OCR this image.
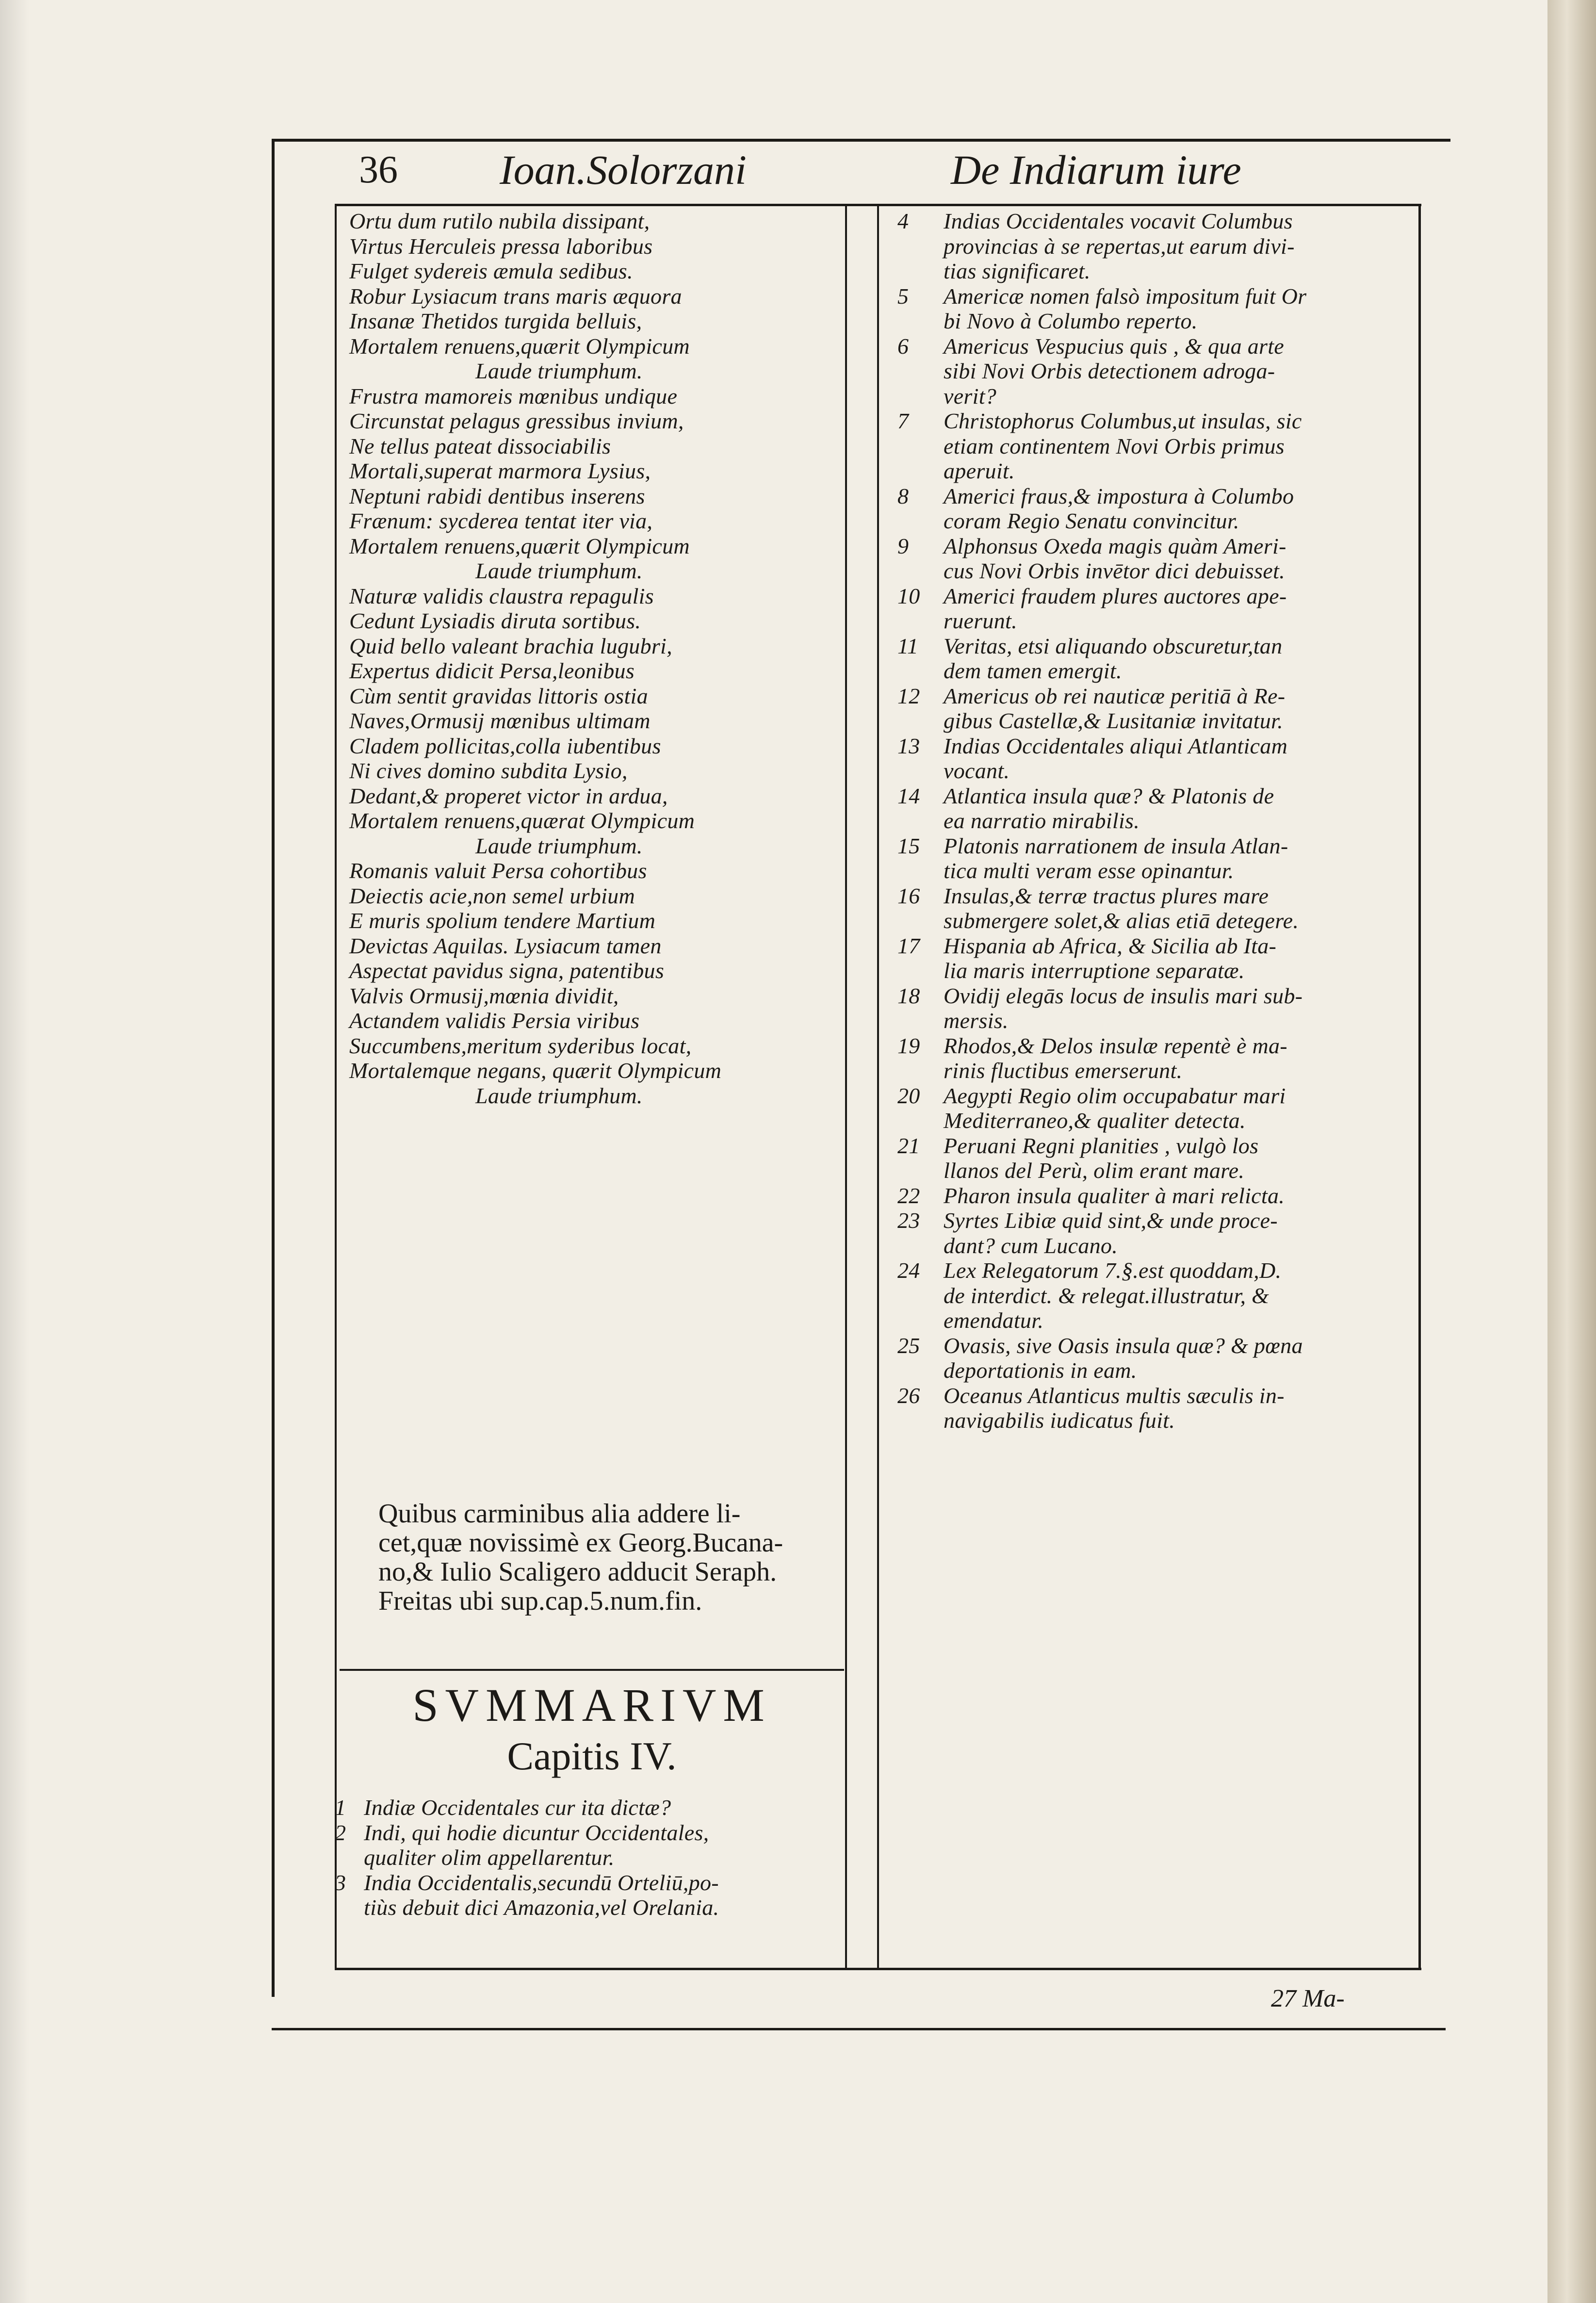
36 Ioan.Solorzani	De Indiarum iure
Ortu dum rutilo nubila dissipant,
Virtus Herculeis pressa laboribus
Fulget sydereis æmula sedibus.
Robur Lysiacum trans maris æquora
Insanæ Thetidos turgida belluis,
Mortalem renuens,quærit Olympicum
Laude triumphum.
Frustra mamoreis mœnibus undique
Circunstat pelagus gressibus invium,
Ne tellus pateat dissociabilis
Mortali,superat marmora Lysius,
Neptuni rabidi dentibus inserens
Frænum: sycderea tentat iter via,
Mortalem renuens,quærit Olympicum
Laude triumphum.
Naturæ validis claustra repagulis
Cedunt Lysiadis diruta sortibus.
Quid bello valeant brachia lugubri,
Expertus didicit Persa,leonibus
Cùm sentit gravidas littoris ostia
Naves,Ormusij mœnibus ultimam
Cladem pollicitas,colla iubentibus
Ni cives domino subdita Lysio,
Dedant,& properet victor in ardua,
Mortalem renuens,quærat Olympicum
Laude triumphum.
Romanis valuit Persa cohortibus
Deiectis acie,non semel urbium
E muris spolium tendere Martium
Devictas Aquilas. Lysiacum tamen
Aspectat pavidus signa, patentibus
Valvis Ormusij,mœnia dividit,
Actandem validis Persia viribus
Succumbens,meritum syderibus locat,
Mortalemque negans, quærit Olympicum
Laude triumphum.
Quibus carminibus alia addere li-
cet,quæ novissimè ex Georg.Bucana-
no,& Iulio Scaligero adducit Seraph.
Freitas ubi sup.cap.5.num.fin.
SVMMARIVM
Capitis IV.
1 Indiæ Occidentales cur ita dictæ?
2 Indi, qui hodie dicuntur Occidentales,
qualiter olim appellarentur.
3 India Occidentalis,secundū Orteliū,po-
tiùs debuit dici Amazonia,vel Orelania.
4	Indias Occidentales vocavit Columbus
provincias à se repertas,ut earum divi-
tias significaret.
5	Americæ nomen falsò impositum fuit Or
bi Novo à Columbo reperto.
6	Americus Vespucius quis , & qua arte
sibi Novi Orbis detectionem adroga-
verit?
7	Christophorus Columbus,ut insulas, sic
etiam continentem Novi Orbis primus
aperuit.
8	Americi fraus,& impostura à Columbo
coram Regio Senatu convincitur.
9	Alphonsus Oxeda magis quàm Ameri-
cus Novi Orbis invētor dici debuisset.
10	Americi fraudem plures auctores ape-
ruerunt.
11	Veritas, etsi aliquando obscuretur,tan
dem tamen emergit.
12	Americus ob rei nauticæ peritiā à Re-
gibus Castellæ,& Lusitaniæ invitatur.
13	Indias Occidentales aliqui Atlanticam
vocant.
14	Atlantica insula quæ? & Platonis de
ea narratio mirabilis.
15	Platonis narrationem de insula Atlan-
tica multi veram esse opinantur.
16	Insulas,& terræ tractus plures mare
submergere solet,& alias etiā detegere.
17	Hispania ab Africa, & Sicilia ab Ita-
lia maris interruptione separatæ.
18	Ovidij elegās locus de insulis mari sub-
mersis.
19	Rhodos,& Delos insulæ repentè è ma-
rinis fluctibus emerserunt.
20	Aegypti Regio olim occupabatur mari
Mediterraneo,& qualiter detecta.
21	Peruani Regni planities , vulgò los
llanos del Perù, olim erant mare.
22	Pharon insula qualiter à mari relicta.
23	Syrtes Libiæ quid sint,& unde proce-
dant? cum Lucano.
24	Lex Relegatorum 7.§.est quoddam,D.
de interdict. & relegat.illustratur, &
emendatur.
25	Ovasis, sive Oasis insula quæ? & pœna
deportationis in eam.
26	Oceanus Atlanticus multis sæculis in-
navigabilis iudicatus fuit.
27 Ma-
